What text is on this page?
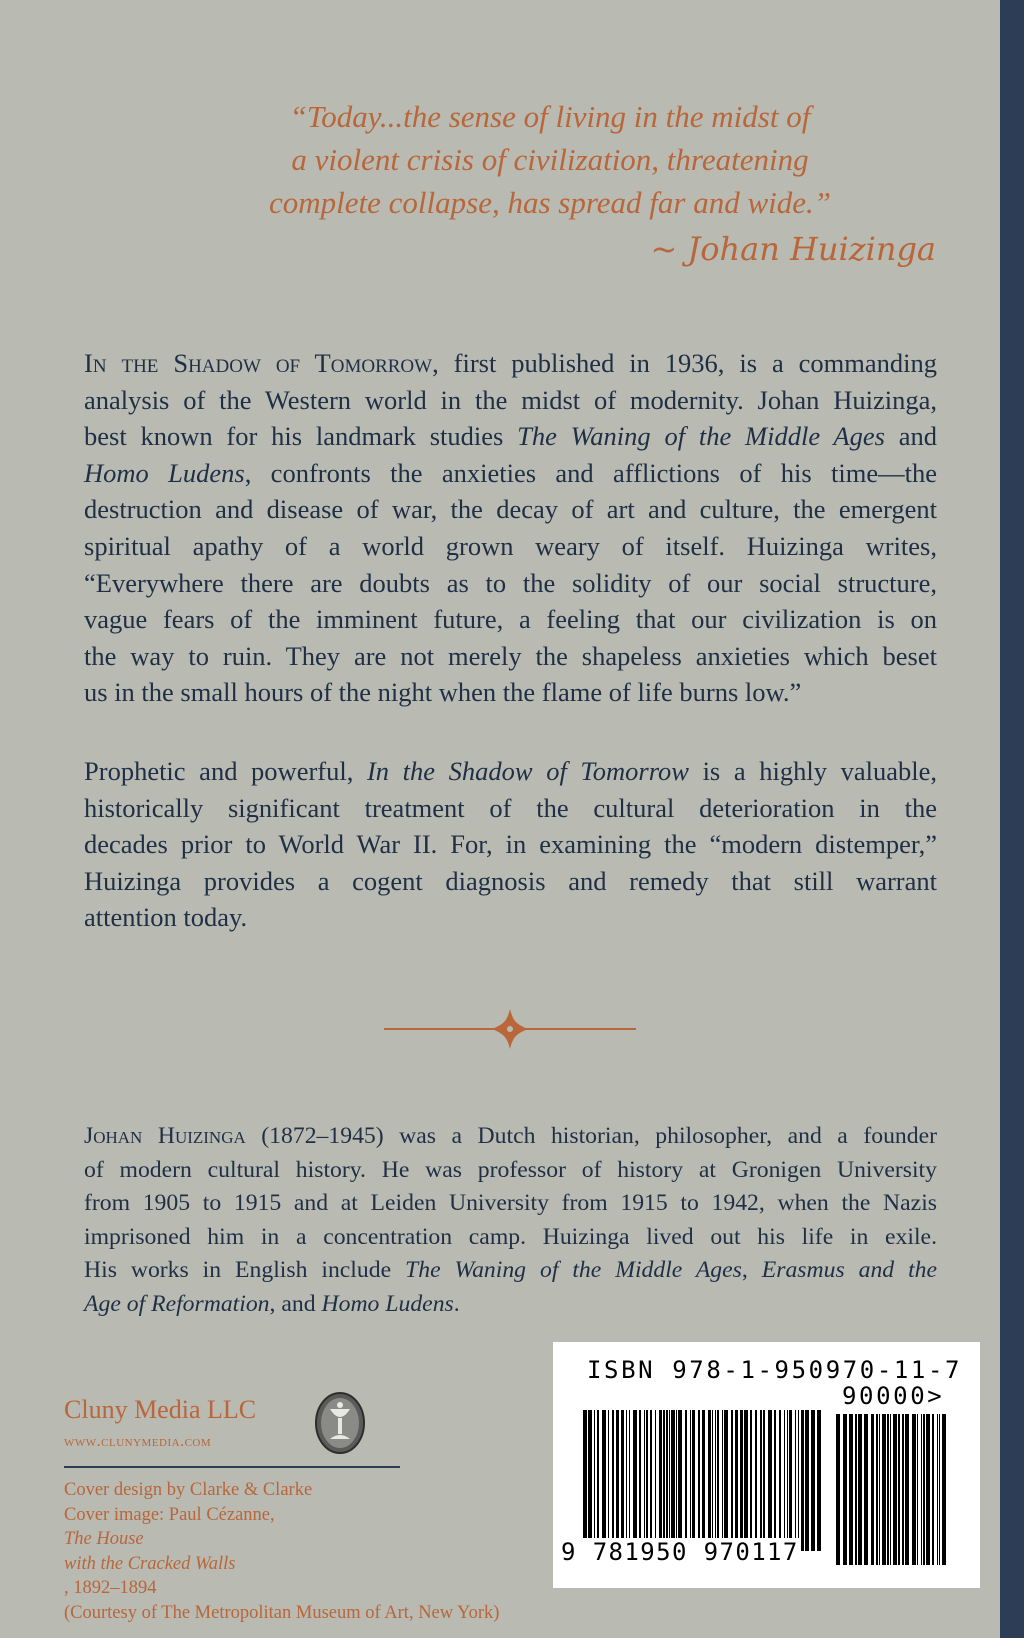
“Today...the sense of living in the midst of
a violent crisis of civilization, threatening
complete collapse, has spread far and wide.”
~ Johan Huizinga
In the Shadow of Tomorrow, first published in 1936, is a commanding
analysis of the Western world in the midst of modernity. Johan Huizinga,
best known for his landmark studies The Waning of the Middle Ages and
Homo Ludens, confronts the anxieties and afflictions of his time—the
destruction and disease of war, the decay of art and culture, the emergent
spiritual apathy of a world grown weary of itself. Huizinga writes,
“Everywhere there are doubts as to the solidity of our social structure,
vague fears of the imminent future, a feeling that our civilization is on
the way to ruin. They are not merely the shapeless anxieties which beset
us in the small hours of the night when the flame of life burns low.”
Prophetic and powerful, In the Shadow of Tomorrow is a highly valuable,
historically significant treatment of the cultural deterioration in the
decades prior to World War II. For, in examining the “modern distemper,”
Huizinga provides a cogent diagnosis and remedy that still warrant
attention today.
Johan Huizinga (1872–1945) was a Dutch historian, philosopher, and a founder
of modern cultural history. He was professor of history at Gronigen University
from 1905 to 1915 and at Leiden University from 1915 to 1942, when the Nazis
imprisoned him in a concentration camp. Huizinga lived out his life in exile.
His works in English include The Waning of the Middle Ages, Erasmus and the
Age of Reformation, and Homo Ludens.
Cluny Media LLC
www.clunymedia.com
Cover design by Clarke & Clarke
Cover image: Paul Cézanne,
The House
with the Cracked Walls
, 1892–1894
(Courtesy of The Metropolitan Museum of Art, New York)
ISBN 978-1-950970-11-7
90000>
9 781950 970117
